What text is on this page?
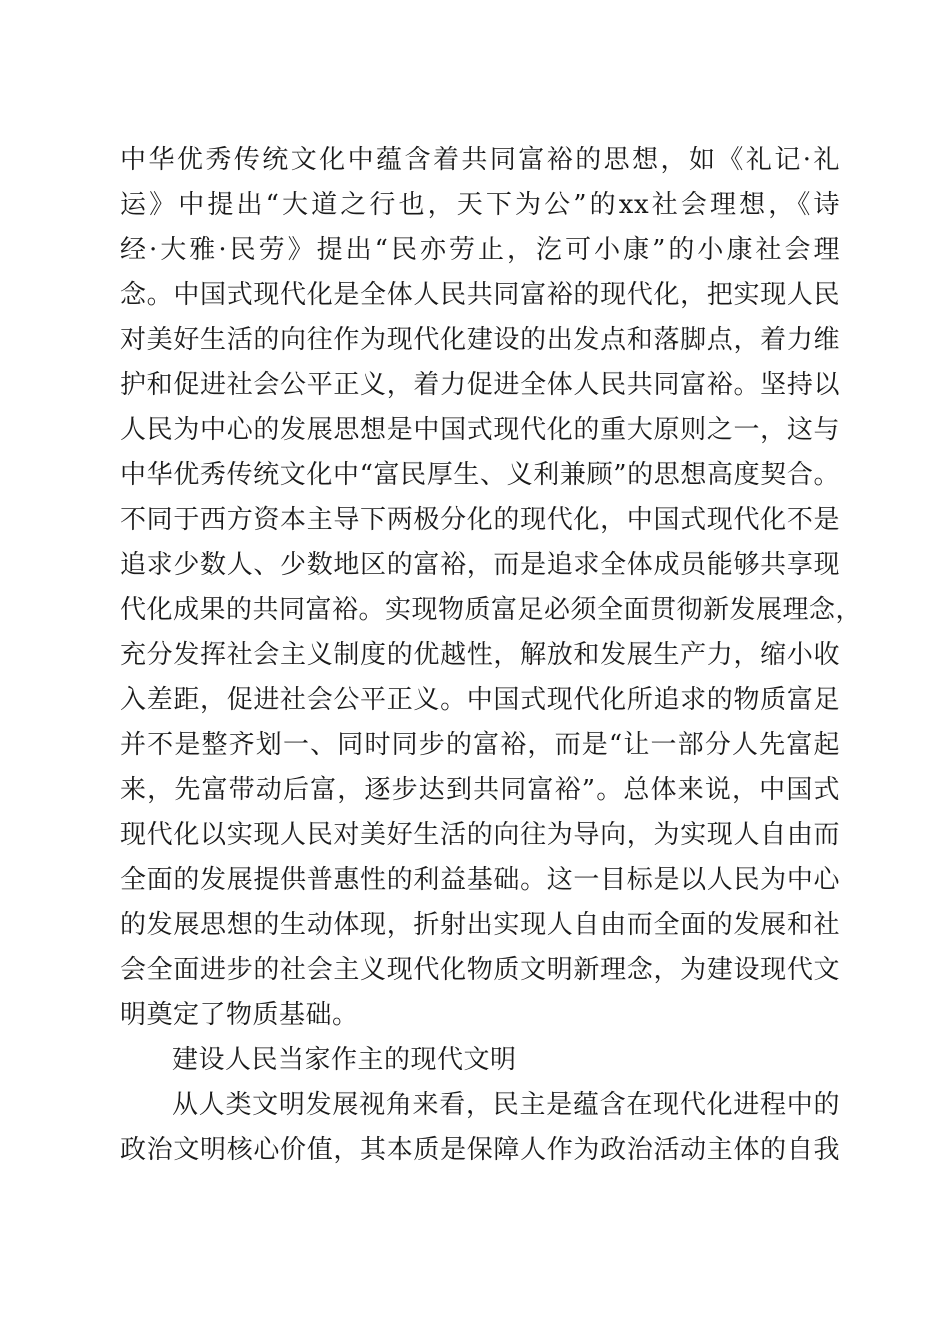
中华优秀传统文化中蕴含着共同富裕的思想，如《礼记·礼
运》中提出“大道之行也，天下为公”的xx社会理想，《诗
经·大雅·民劳》提出“民亦劳止，汔可小康”的小康社会理
念。中国式现代化是全体人民共同富裕的现代化，把实现人民
对美好生活的向往作为现代化建设的出发点和落脚点，着力维
护和促进社会公平正义，着力促进全体人民共同富裕。坚持以
人民为中心的发展思想是中国式现代化的重大原则之一，这与
中华优秀传统文化中“富民厚生、义利兼顾”的思想高度契合。
不同于西方资本主导下两极分化的现代化，中国式现代化不是
追求少数人、少数地区的富裕，而是追求全体成员能够共享现
代化成果的共同富裕。实现物质富足必须全面贯彻新发展理念，
充分发挥社会主义制度的优越性，解放和发展生产力，缩小收
入差距，促进社会公平正义。中国式现代化所追求的物质富足
并不是整齐划一、同时同步的富裕，而是“让一部分人先富起
来，先富带动后富，逐步达到共同富裕”。总体来说，中国式
现代化以实现人民对美好生活的向往为导向，为实现人自由而
全面的发展提供普惠性的利益基础。这一目标是以人民为中心
的发展思想的生动体现，折射出实现人自由而全面的发展和社
会全面进步的社会主义现代化物质文明新理念，为建设现代文
明奠定了物质基础。
建设人民当家作主的现代文明
从人类文明发展视角来看，民主是蕴含在现代化进程中的
政治文明核心价值，其本质是保障人作为政治活动主体的自我
